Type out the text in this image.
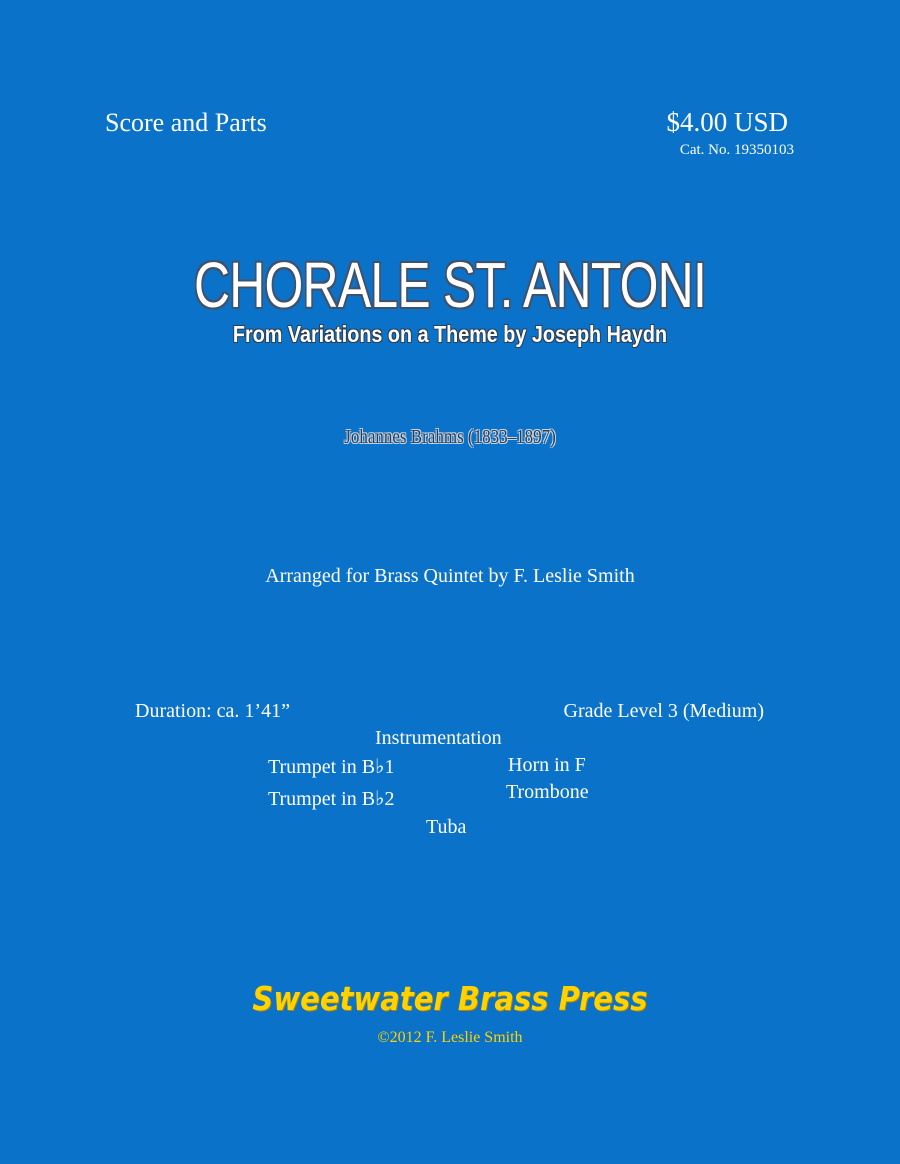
Score and Parts	$4.00 USD
Cat. No. 19350103
CHORALE ST. ANTONI
From Variations on a Theme by Joseph Haydn
Johannes Brahms (1833–1897)
Arranged for Brass Quintet by F. Leslie Smith
Duration: ca. 1’41”	Grade Level 3 (Medium)
Instrumentation
Trumpet in B♭1	Horn in F
Trumpet in B♭2	Trombone
Tuba
Sweetwater Brass Press
©2012 F. Leslie Smith
